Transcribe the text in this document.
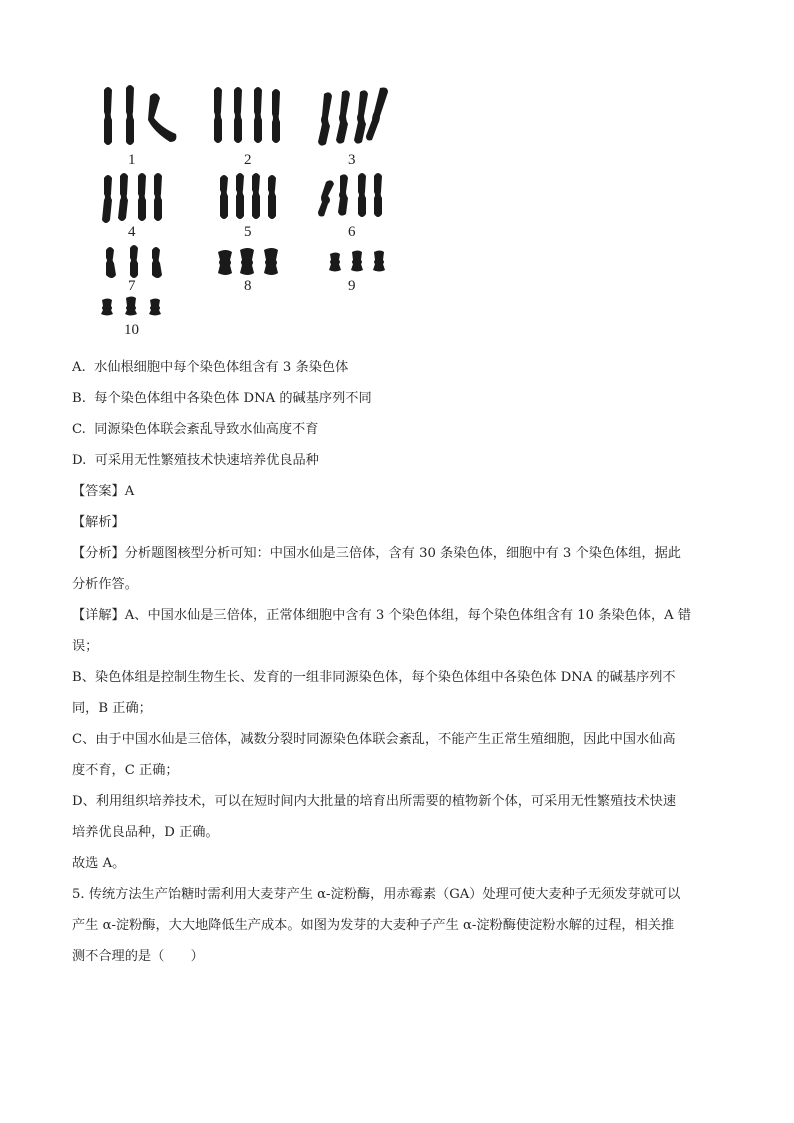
1	2	3
4	5	6
7	8	9
10
A. 水仙根细胞中每个染色体组含有 3 条染色体
B. 每个染色体组中各染色体 DNA 的碱基序列不同
C. 同源染色体联会紊乱导致水仙高度不育
D. 可采用无性繁殖技术快速培养优良品种
【答案】A
【解析】
【分析】分析题图核型分析可知：中国水仙是三倍体，含有 30 条染色体，细胞中有 3 个染色体组，据此
分析作答。
【详解】A、中国水仙是三倍体，正常体细胞中含有 3 个染色体组，每个染色体组含有 10 条染色体，A 错
误；
B、染色体组是控制生物生长、发育的一组非同源染色体，每个染色体组中各染色体 DNA 的碱基序列不
同，B 正确；
C、由于中国水仙是三倍体，减数分裂时同源染色体联会紊乱，不能产生正常生殖细胞，因此中国水仙高
度不育，C 正确；
D、利用组织培养技术，可以在短时间内大批量的培育出所需要的植物新个体，可采用无性繁殖技术快速
培养优良品种，D 正确。
故选 A。
5. 传统方法生产饴糖时需利用大麦芽产生 α-淀粉酶，用赤霉素（GA）处理可使大麦种子无须发芽就可以
产生 α-淀粉酶，大大地降低生产成本。如图为发芽的大麦种子产生 α-淀粉酶使淀粉水解的过程，相关推
测不合理的是（　　）
